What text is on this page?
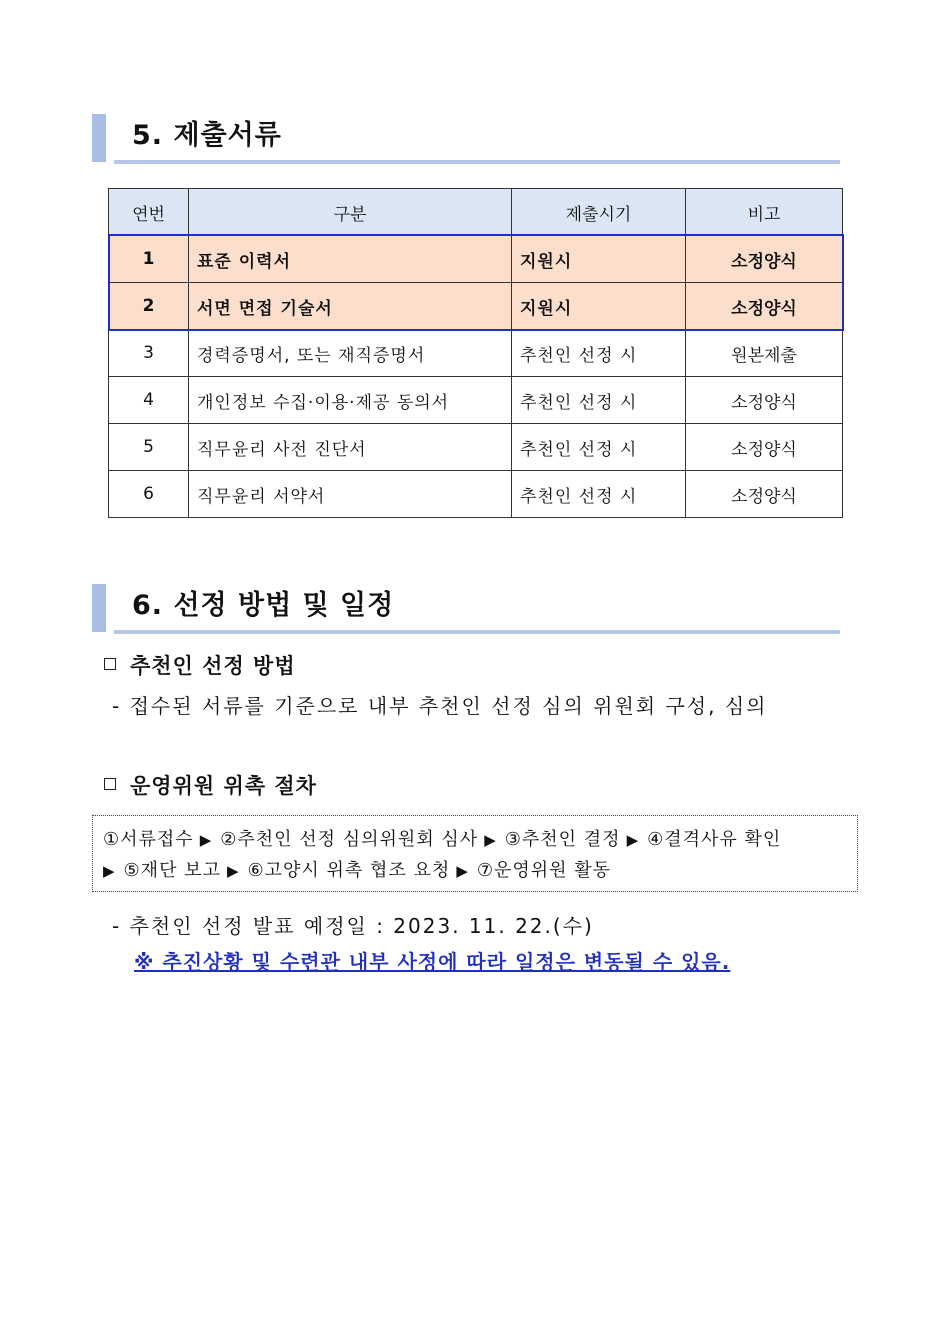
5. 제출서류
연번	구분	제출시기	비고
1	표준 이력서	지원시	소정양식
2	서면 면접 기술서	지원시	소정양식
3	경력증명서, 또는 재직증명서	추천인 선정 시	원본제출
4	개인정보 수집·이용·제공 동의서	추천인 선정 시	소정양식
5	직무윤리 사전 진단서	추천인 선정 시	소정양식
6	직무윤리 서약서	추천인 선정 시	소정양식
6. 선정 방법 및 일정
추천인 선정 방법
- 접수된 서류를 기준으로 내부 추천인 선정 심의 위원회 구성, 심의
운영위원 위촉 절차
①서류접수 ▶ ②추천인 선정 심의위원회 심사 ▶ ③추천인 결정 ▶ ④결격사유 확인
▶ ⑤재단 보고 ▶ ⑥고양시 위촉 협조 요청 ▶ ⑦운영위원 활동
- 추천인 선정 발표 예정일 : 2023. 11. 22.(수)
※ 추진상황 및 수련관 내부 사정에 따라 일정은 변동될 수 있음.
